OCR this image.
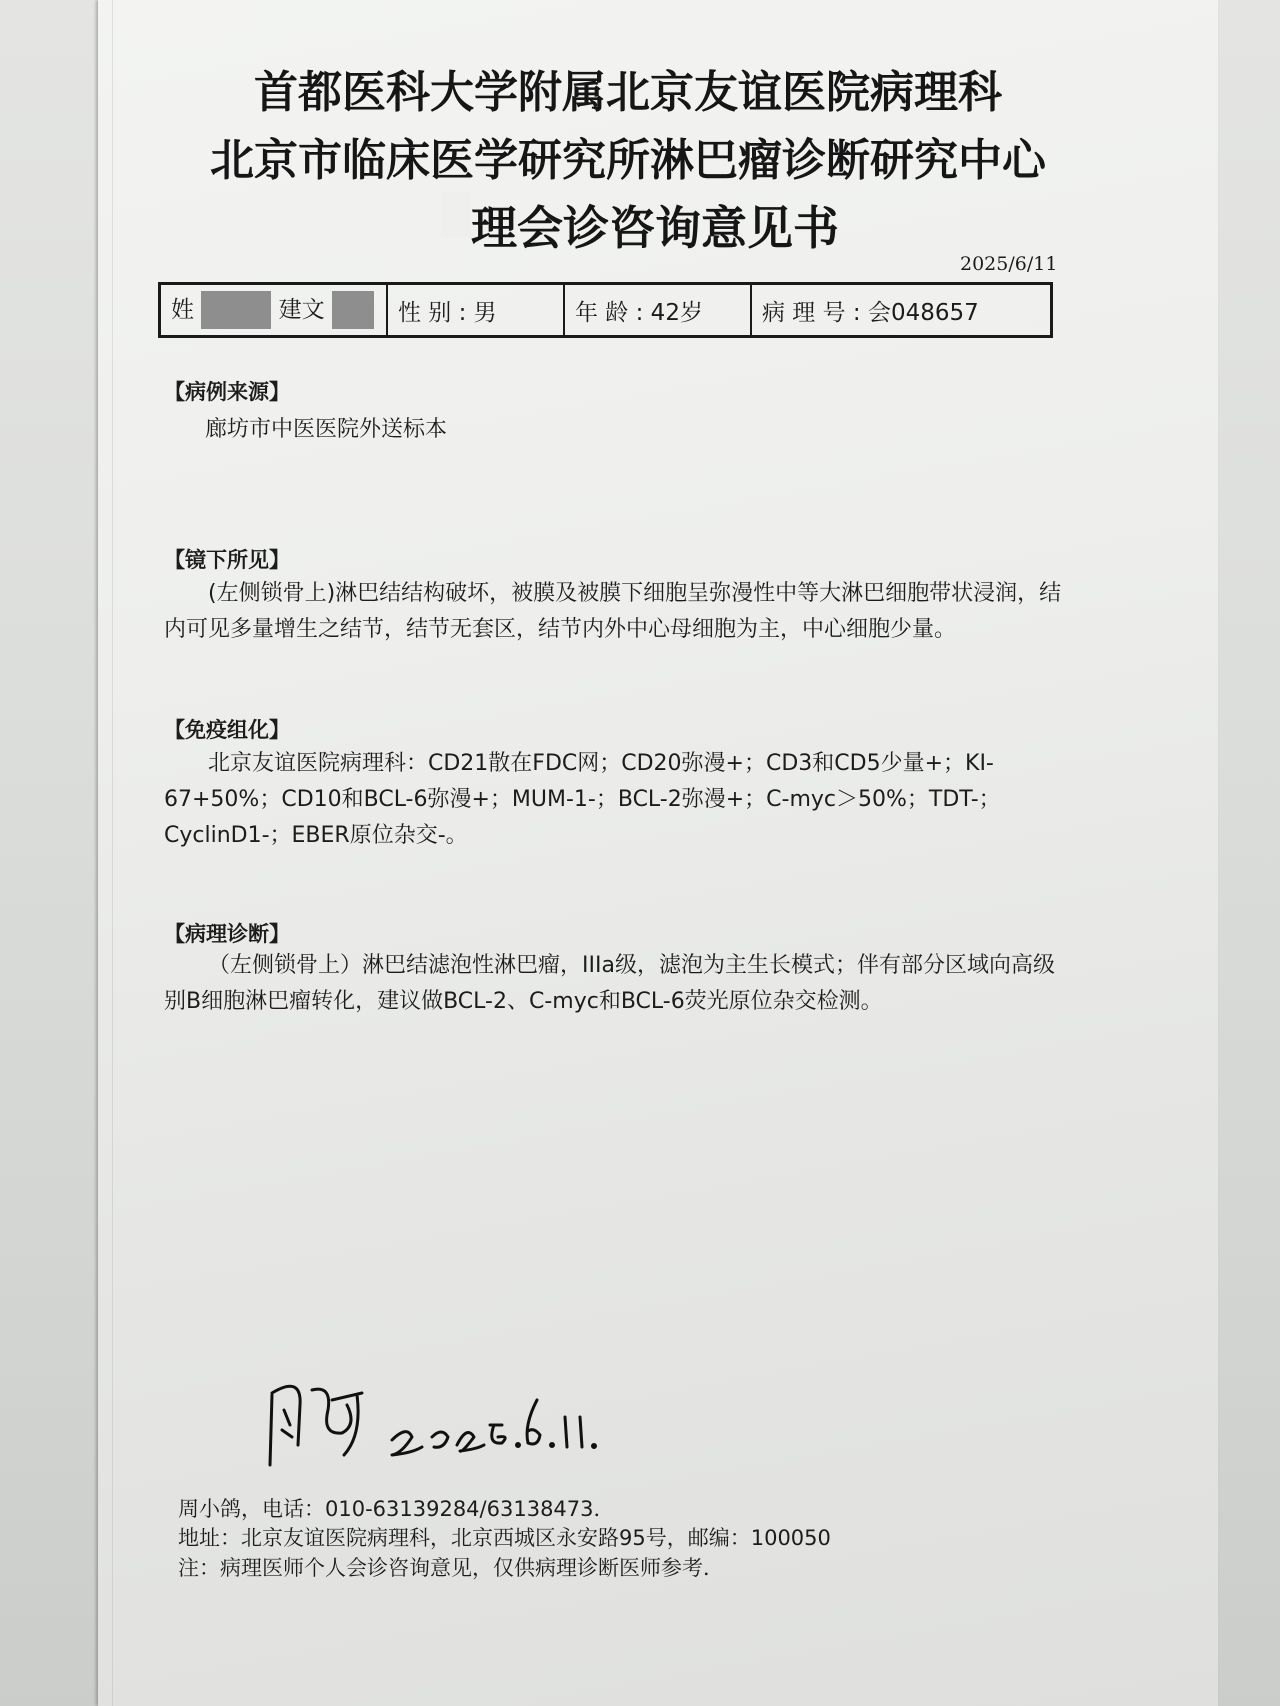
首都医科大学附属北京友谊医院病理科
北京市临床医学研究所淋巴瘤诊断研究中心
理会诊咨询意见书
2025/6/11
姓	建文	性 别 : 男	年 龄 : 42岁	病 理 号 : 会048657
【病例来源】
廊坊市中医医院外送标本
【镜下所见】
(左侧锁骨上)淋巴结结构破坏，被膜及被膜下细胞呈弥漫性中等大淋巴细胞带状浸润，结内可见多量增生之结节，结节无套区，结节内外中心母细胞为主，中心细胞少量。
【免疫组化】
北京友谊医院病理科：CD21散在FDC网；CD20弥漫+；CD3和CD5少量+；KI-67+50%；CD10和BCL-6弥漫+；MUM-1-；BCL-2弥漫+；C-myc＞50%；TDT-；CyclinD1-；EBER原位杂交-。
【病理诊断】
（左侧锁骨上）淋巴结滤泡性淋巴瘤，IIIa级，滤泡为主生长模式；伴有部分区域向高级别B细胞淋巴瘤转化，建议做BCL-2、C-myc和BCL-6荧光原位杂交检测。
周小鸽，电话：010-63139284/63138473．
地址：北京友谊医院病理科，北京西城区永安路95号，邮编：100050
注：病理医师个人会诊咨询意见，仅供病理诊断医师参考．
